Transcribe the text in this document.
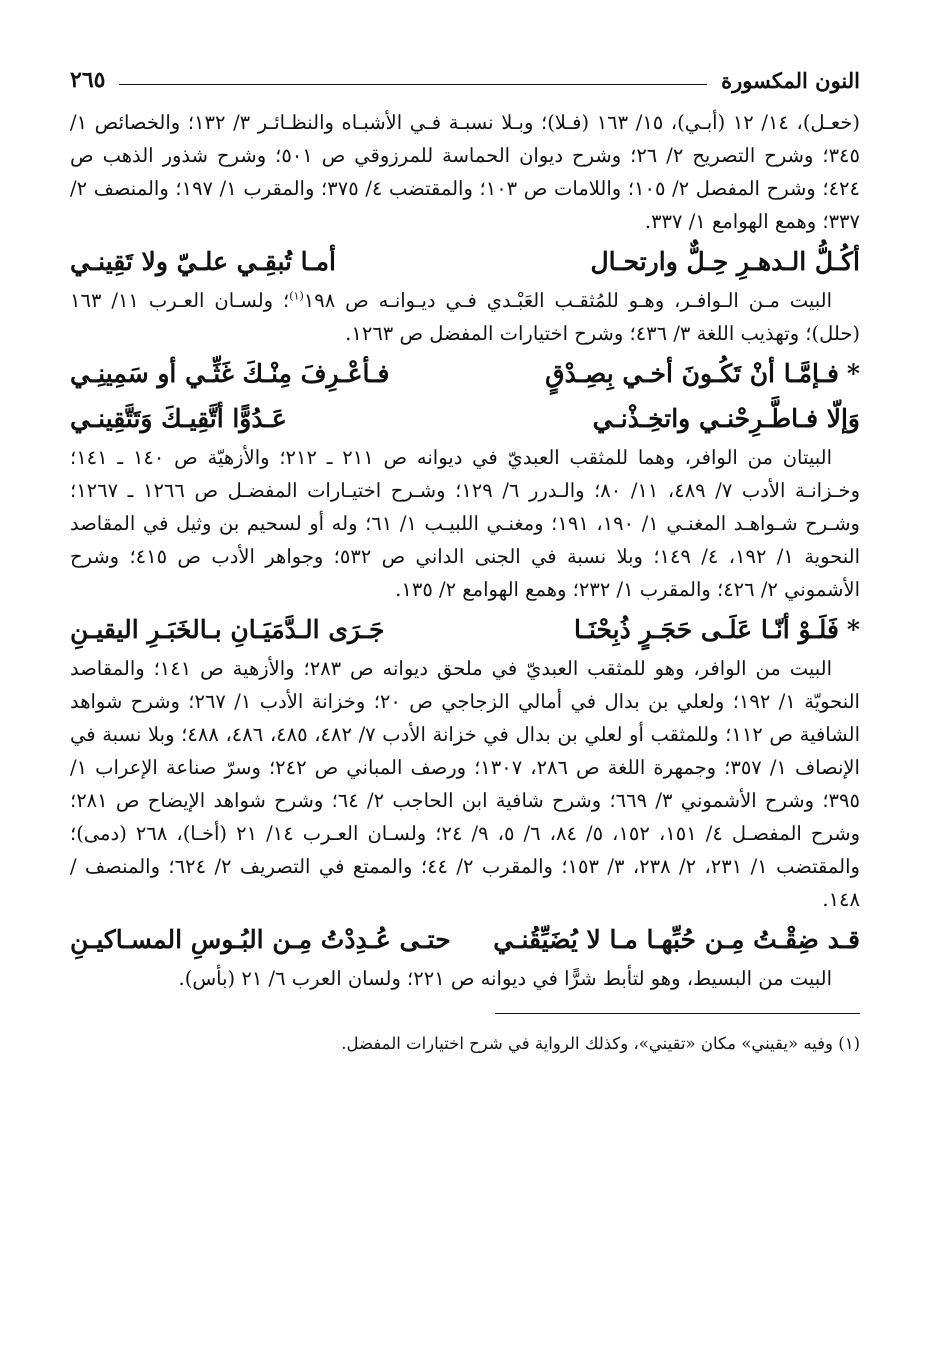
النون المكسورة
٢٦٥

(خعـل)، ١٤/ ١٢ (أبـي)، ١٥/ ١٦٣ (فـلا)؛ وبـلا نسبـة فـي الأشبـاه والنظـائـر ٣/ ١٣٢؛ والخصائص ١/ ٣٤٥؛ وشرح التصريح ٢/ ٢٦؛ وشرح ديوان الحماسة للمرزوقي ص ٥٠١؛ وشرح شذور الذهب ص ٤٢٤؛ وشرح المفصل ٢/ ١٠٥؛ واللامات ص ١٠٣؛ والمقتضب ٤/ ٣٧٥؛ والمقرب ١/ ١٩٧؛ والمنصف ٢/ ٣٣٧؛ وهمع الهوامع ١/ ٣٣٧.

أكُـلُّ الـدهـرِ حِـلٌّ وارتحـال
أمـا تُبقِـي علـيّ ولا تَقِينـي

البيت مـن الـوافـر، وهـو للمُثقـب العَبْـدي فـي ديـوانـه ص ١٩٨$^{(١)}$؛ ولسـان العـرب ١١/ ١٦٣ (حلل)؛ وتهذيب اللغة ٣/ ٤٣٦؛ وشرح اختيارات المفضل ص ١٢٦٣.

*فـإمَّـا أنْ تَكُـونَ أخـي بِصِـدْقٍ
فـأعْـرِفَ مِنْـكَ غَثِّـي أو سَمِينِـي
وَإلّا فـاطَّـرِحْنـي واتخِـذْنـي
عَـدُوًّا أتَّقِيـكَ وَتَتَّقِينـي

البيتان من الوافر، وهما للمثقب العبديّ في ديوانه ص ٢١١ ـ ٢١٢؛ والأزهيّة ص ١٤٠ ـ ١٤١؛ وخـزانـة الأدب ٧/ ٤٨٩، ١١/ ٨٠؛ والـدرر ٦/ ١٢٩؛ وشـرح اختيـارات المفضـل ص ١٢٦٦ ـ ١٢٦٧؛ وشـرح شـواهـد المغنـي ١/ ١٩٠، ١٩١؛ ومغنـي اللبيـب ١/ ٦١؛ وله أو لسحيم بن وثيل في المقاصد النحوية ١/ ١٩٢، ٤/ ١٤٩؛ وبلا نسبة في الجنى الداني ص ٥٣٢؛ وجواهر الأدب ص ٤١٥؛ وشرح الأشموني ٢/ ٤٢٦؛ والمقرب ١/ ٢٣٢؛ وهمع الهوامع ٢/ ١٣٥.

*فَلَـوْ أنّـا عَلَـى حَجَـرٍ ذُبِحْنَـا
جَـرَى الـدَّمَيَـانِ بـالخَبَـرِ اليقيـنِ

البيت من الوافر، وهو للمثقب العبديّ في ملحق ديوانه ص ٢٨٣؛ والأزهية ص ١٤١؛ والمقاصد النحويّة ١/ ١٩٢؛ ولعلي بن بدال في أمالي الزجاجي ص ٢٠؛ وخزانة الأدب ١/ ٢٦٧؛ وشرح شواهد الشافية ص ١١٢؛ وللمثقب أو لعلي بن بدال في خزانة الأدب ٧/ ٤٨٢، ٤٨٥، ٤٨٦، ٤٨٨؛ وبلا نسبة في الإنصاف ١/ ٣٥٧؛ وجمهرة اللغة ص ٢٨٦، ١٣٠٧؛ ورصف المباني ص ٢٤٢؛ وسرّ صناعة الإعراب ١/ ٣٩٥؛ وشرح الأشموني ٣/ ٦٦٩؛ وشرح شافية ابن الحاجب ٢/ ٦٤؛ وشرح شواهد الإيضاح ص ٢٨١؛ وشرح المفصـل ٤/ ١٥١، ١٥٢، ٥/ ٨٤، ٦/ ٥، ٩/ ٢٤؛ ولسـان العـرب ١٤/ ٢١ (أخـا)، ٢٦٨ (دمى)؛ والمقتضب ١/ ٢٣١، ٢/ ٢٣٨، ٣/ ١٥٣؛ والمقرب ٢/ ٤٤؛ والممتع في التصريف ٢/ ٦٢٤؛ والمنصف /١٤٨.

قـد ضِقْـتُ مِـن حُبِّهـا مـا لا يُضَيِّقُنـي
حتـى عُـدِدْتُ مِـن البُـوسِ المسـاكيـنِ

البيت من البسيط، وهو لتأبط شرًّا في ديوانه ص ٢٢١؛ ولسان العرب ٦/ ٢١ (بأس).

(١) وفيه «يقيني» مكان «تقيني»، وكذلك الرواية في شرح اختيارات المفضل.
